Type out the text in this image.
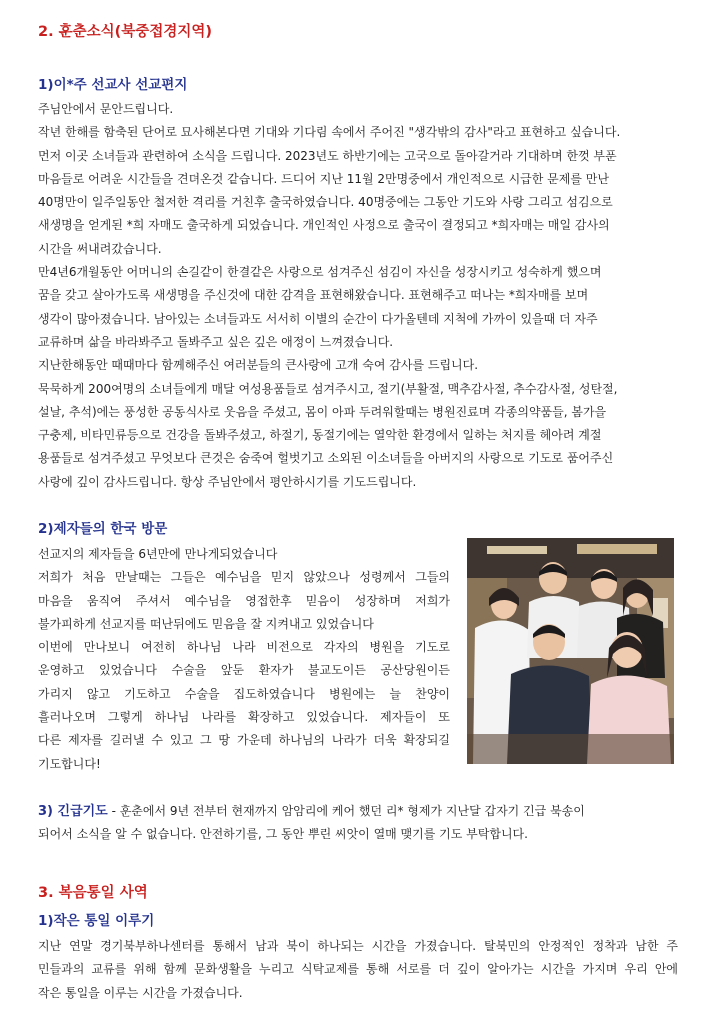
2. 훈춘소식(북중접경지역)
1)이*주 선교사 선교편지
주님안에서 문안드립니다.
작년 한해를 함축된 단어로 묘사해본다면 기대와 기다림 속에서 주어진 "생각밖의 감사"라고 표현하고 싶습니다.
먼저 이곳 소녀들과 관련하여 소식을 드립니다. 2023년도 하반기에는 고국으로 돌아갈거라 기대하며 한껏 부푼
마음들로 어려운 시간들을 견뎌온것 같습니다. 드디어 지난 11월 2만명중에서 개인적으로 시급한 문제를 만난
40명만이 일주일동안 철저한 격리를 거친후 출국하였습니다. 40명중에는 그동안 기도와 사랑 그리고 섬김으로
새생명을 얻게된 *희 자매도 출국하게 되었습니다. 개인적인 사정으로 출국이 결정되고 *희자매는 매일 감사의
시간을 써내려갔습니다.
만4년6개월동안 어머니의 손길같이 한결같은 사랑으로 섬겨주신 섬김이 자신을 성장시키고 성숙하게 했으며
꿈을 갖고 살아가도록 새생명을 주신것에 대한 감격을 표현해왔습니다. 표현해주고 떠나는 *희자매를 보며
생각이 많아졌습니다. 남아있는 소녀들과도 서서히 이별의 순간이 다가올텐데 지척에 가까이 있을때 더 자주
교류하며 삶을 바라봐주고 돌봐주고 싶은 깊은 애정이 느껴졌습니다.
지난한해동안 때때마다 함께해주신 여러분들의 큰사랑에 고개 숙여 감사를 드립니다.
묵묵하게 200여명의 소녀들에게 매달 여성용품들로 섬겨주시고, 절기(부활절, 맥추감사절, 추수감사절, 성탄절,
설날, 추석)에는 풍성한 공동식사로 웃음을 주셨고, 몸이 아파 두려워할때는 병원진료며 각종의약품들, 봄가을
구충제, 비타민류등으로 건강을 돌봐주셨고, 하절기, 동절기에는 열악한 환경에서 일하는 처지를 헤아려 계절
용품들로 섬겨주셨고 무엇보다 큰것은 숨죽여 헐벗기고 소외된 이소녀들을 아버지의 사랑으로 기도로 품어주신
사랑에 깊이 감사드립니다. 항상 주님안에서 평안하시기를 기도드립니다.
2)제자들의 한국 방문
선교지의 제자들을 6년만에 만나게되었습니다
저희가 처음 만날때는 그들은 예수님을 믿지 않았으나 성령께서 그들의
마음을 움직여 주셔서 예수님을 영접한후 믿음이 성장하며 저희가
불가피하게 선교지를 떠난뒤에도 믿음을 잘 지켜내고 있었습니다
이번에 만나보니 여전히 하나님 나라 비전으로 각자의 병원을 기도로
운영하고 있었습니다 수술을 앞둔 환자가 불교도이든 공산당원이든
가리지 않고 기도하고 수술을 집도하였습니다 병원에는 늘 찬양이
흘러나오며 그렇게 하나님 나라를 확장하고 있었습니다. 제자들이 또
다른 제자를 길러낼 수 있고 그 땅 가운데 하나님의 나라가 더욱 확장되길
기도합니다!
3) 긴급기도 - 훈춘에서 9년 전부터 현재까지 암암리에 케어 했던 리* 형제가 지난달 갑자기 긴급 북송이
되어서 소식을 알 수 없습니다. 안전하기를, 그 동안 뿌린 씨앗이 열매 맺기를 기도 부탁합니다.
3. 복음통일 사역
1)작은 통일 이루기
지난 연말 경기북부하나센터를 통해서 남과 북이 하나되는 시간을 가졌습니다. 탈북민의 안정적인 정착과 남한 주
민들과의 교류를 위해 함께 문화생활을 누리고 식탁교제를 통해 서로를 더 깊이 알아가는 시간을 가지며 우리 안에
작은 통일을 이루는 시간을 가졌습니다.
